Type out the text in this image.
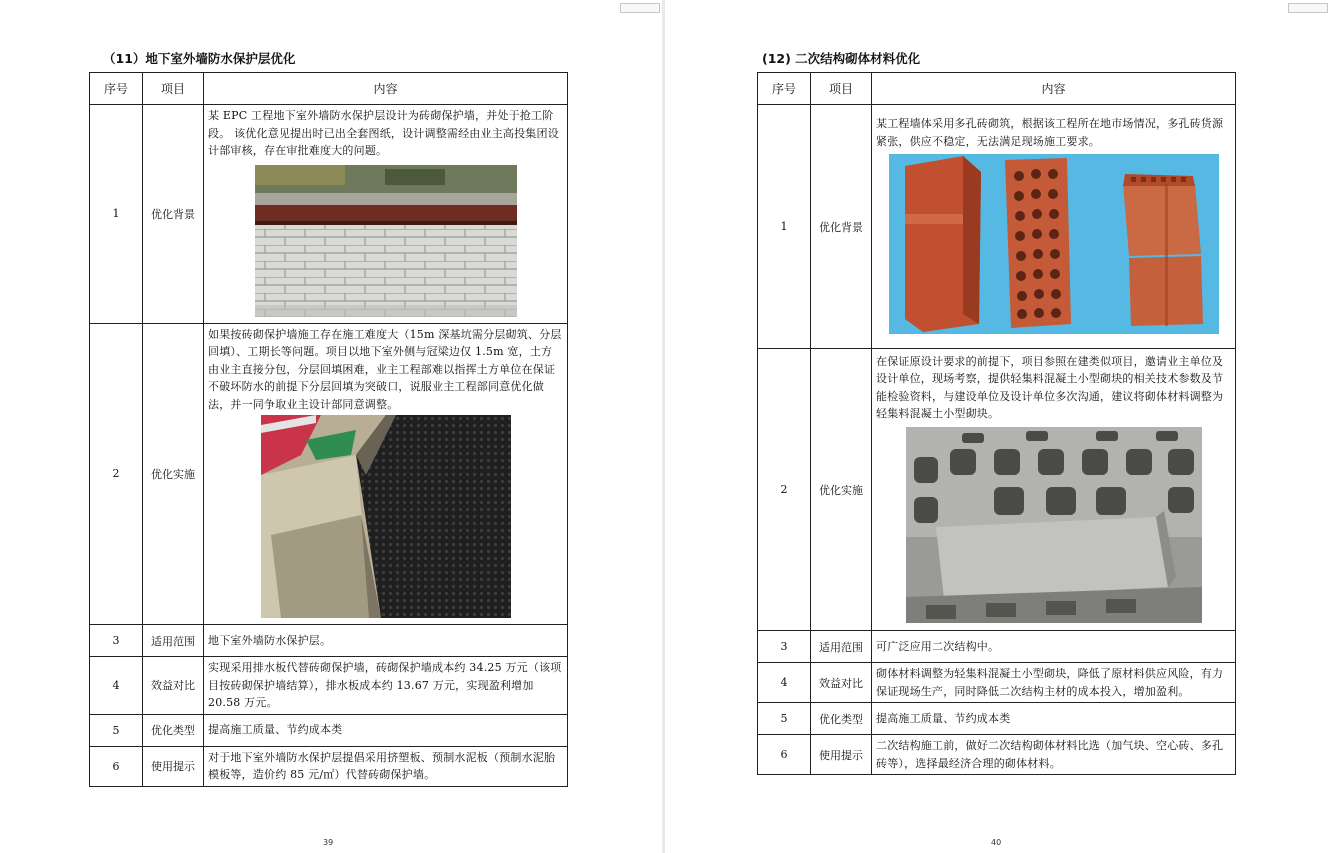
（11）地下室外墙防水保护层优化
序号	项目	内容
1	优化背景	某 EPC 工程地下室外墙防水保护层设计为砖砌保护墙，并处于抢工阶段。 该优化意见提出时已出全套图纸，设计调整需经由业主高投集团设计部审核，存在审批难度大的问题。

2	优化实施	如果按砖砌保护墙施工存在施工难度大（15m 深基坑需分层砌筑、分层回填）、工期长等问题。项目以地下室外侧与冠梁边仅 1.5m 宽，土方由业主直接分包，分层回填困难，业主工程部难以指挥土方单位在保证不破坏防水的前提下分层回填为突破口，说服业主工程部同意优化做法，并一同争取业主设计部同意调整。

3	适用范围	地下室外墙防水保护层。
4	效益对比	实现采用排水板代替砖砌保护墙，砖砌保护墙成本约 34.25 万元（该项目按砖砌保护墙结算），排水板成本约 13.67 万元，实现盈利增加 20.58 万元。
5	优化类型	提高施工质量、节约成本类
6	使用提示	对于地下室外墙防水保护层提倡采用挤塑板、预制水泥板（预制水泥胎模板等，造价约 85 元/㎡）代替砖砌保护墙。
39
(12) 二次结构砌体材料优化
序号	项目	内容
1	优化背景	某工程墙体采用多孔砖砌筑，根据该工程所在地市场情况，多孔砖货源紧张，供应不稳定，无法满足现场施工要求。

2	优化实施	在保证原设计要求的前提下，项目参照在建类似项目，邀请业主单位及设计单位，现场考察，提供轻集料混凝土小型砌块的相关技术参数及节能检验资料，与建设单位及设计单位多次沟通，建议将砌体材料调整为轻集料混凝土小型砌块。

3	适用范围	可广泛应用二次结构中。
4	效益对比	砌体材料调整为轻集料混凝土小型砌块，降低了原材料供应风险，有力保证现场生产，同时降低二次结构主材的成本投入，增加盈利。
5	优化类型	提高施工质量、节约成本类
6	使用提示	二次结构施工前，做好二次结构砌体材料比选（加气块、空心砖、多孔砖等），选择最经济合理的砌体材料。
40
